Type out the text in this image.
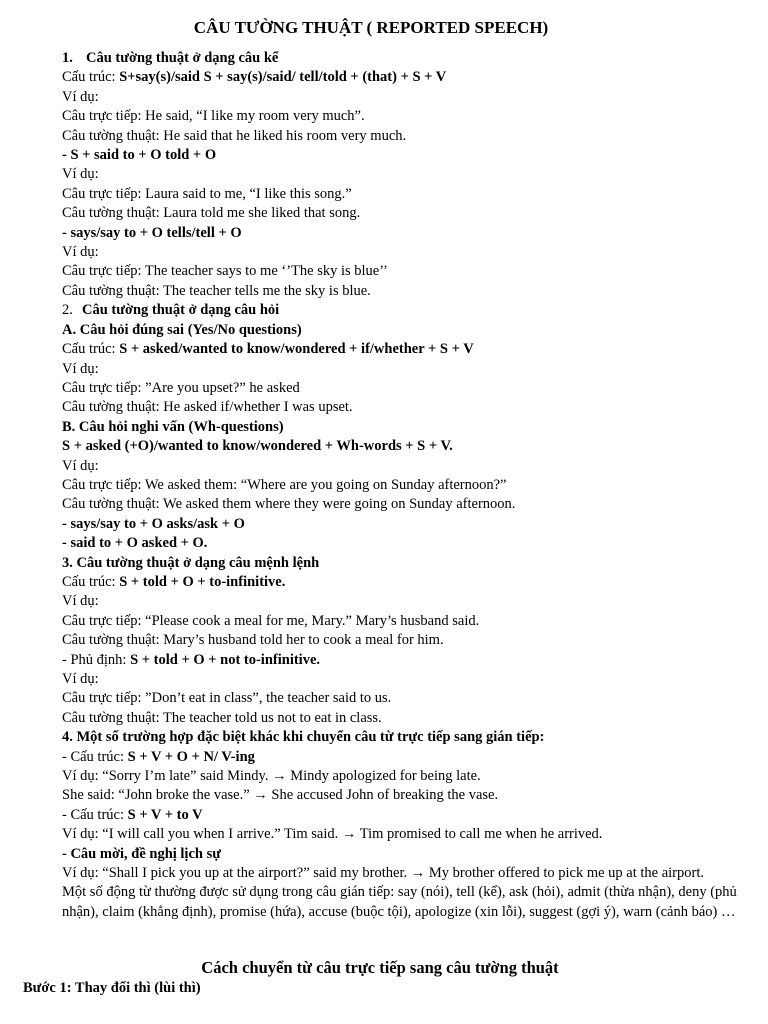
CÂU TƯỜNG THUẬT ( REPORTED SPEECH)
1. Câu tường thuật ở dạng câu kể
Cấu trúc: S+say(s)/said S + say(s)/said/ tell/told + (that) + S + V
Ví dụ:
Câu trực tiếp: He said, “I like my room very much”.
Câu tường thuật: He said that he liked his room very much.
- S + said to + O told + O
Ví dụ:
Câu trực tiếp: Laura said to me, “I like this song.”
Câu tường thuật: Laura told me she liked that song.
- says/say to + O tells/tell + O
Ví dụ:
Câu trực tiếp: The teacher says to me ‘’The sky is blue’’
Câu tường thuật: The teacher tells me the sky is blue.
2. Câu tường thuật ở dạng câu hỏi
A. Câu hỏi đúng sai (Yes/No questions)
Cấu trúc: S + asked/wanted to know/wondered + if/whether + S + V
Ví dụ:
Câu trực tiếp: ”Are you upset?” he asked
Câu tường thuật: He asked if/whether I was upset.
B. Câu hỏi nghi vấn (Wh-questions)
S + asked (+O)/wanted to know/wondered + Wh-words + S + V.
Ví dụ:
Câu trực tiếp: We asked them: “Where are you going on Sunday afternoon?”
Câu tường thuật: We asked them where they were going on Sunday afternoon.
- says/say to + O asks/ask + O
- said to + O asked + O.
3. Câu tường thuật ở dạng câu mệnh lệnh
Cấu trúc: S + told + O + to-infinitive.
Ví dụ:
Câu trực tiếp: “Please cook a meal for me, Mary.” Mary’s husband said.
Câu tường thuật: Mary’s husband told her to cook a meal for him.
- Phủ định: S + told + O + not to-infinitive.
Ví dụ:
Câu trực tiếp: ”Don’t eat in class”, the teacher said to us.
Câu tường thuật: The teacher told us not to eat in class.
4. Một số trường hợp đặc biệt khác khi chuyển câu từ trực tiếp sang gián tiếp:
- Cấu trúc: S + V + O + N/ V-ing
Ví dụ: “Sorry I’m late” said Mindy. → Mindy apologized for being late.
She said: “John broke the vase.” → She accused John of breaking the vase.
- Cấu trúc: S + V + to V
Ví dụ: “I will call you when I arrive.” Tim said. → Tim promised to call me when he arrived.
- Câu mời, đề nghị lịch sự
Ví dụ: “Shall I pick you up at the airport?” said my brother. → My brother offered to pick me up at the airport.
Một số động từ thường được sử dụng trong câu gián tiếp: say (nói), tell (kể), ask (hỏi), admit (thừa nhận), deny (phủ nhận), claim (khẳng định), promise (hứa), accuse (buộc tội), apologize (xin lỗi), suggest (gợi ý), warn (cảnh báo) …
Cách chuyển từ câu trực tiếp sang câu tường thuật
Bước 1: Thay đổi thì (lùi thì)
